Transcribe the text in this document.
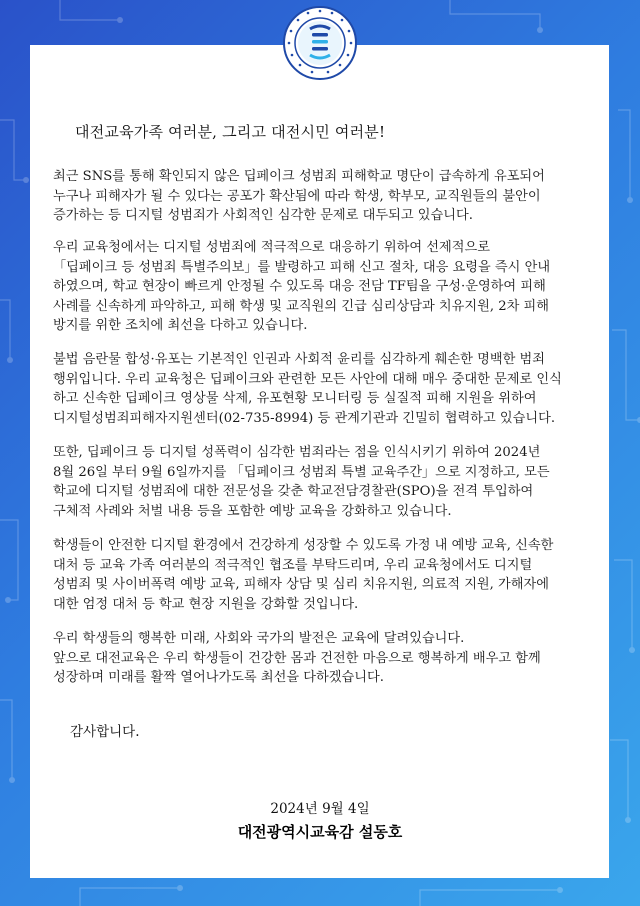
대전교육가족 여러분, 그리고 대전시민 여러분!

최근 SNS를 통해 확인되지 않은 딥페이크 성범죄 피해학교 명단이 급속하게 유포되어
누구나 피해자가 될 수 있다는 공포가 확산됨에 따라 학생, 학부모, 교직원들의 불안이
증가하는 등 디지털 성범죄가 사회적인 심각한 문제로 대두되고 있습니다.

우리 교육청에서는 디지털 성범죄에 적극적으로 대응하기 위하여 선제적으로
「딥페이크 등 성범죄 특별주의보」를 발령하고 피해 신고 절차, 대응 요령을 즉시 안내
하였으며, 학교 현장이 빠르게 안정될 수 있도록 대응 전담 TF팀을 구성·운영하여 피해
사례를 신속하게 파악하고, 피해 학생 및 교직원의 긴급 심리상담과 치유지원, 2차 피해
방지를 위한 조치에 최선을 다하고 있습니다.

불법 음란물 합성·유포는 기본적인 인권과 사회적 윤리를 심각하게 훼손한 명백한 범죄
행위입니다. 우리 교육청은 딥페이크와 관련한 모든 사안에 대해 매우 중대한 문제로 인식
하고 신속한 딥페이크 영상물 삭제, 유포현황 모니터링 등 실질적 피해 지원을 위하여
디지털성범죄피해자지원센터(02-735-8994) 등 관계기관과 긴밀히 협력하고 있습니다.

또한, 딥페이크 등 디지털 성폭력이 심각한 범죄라는 점을 인식시키기 위하여 2024년
8월 26일 부터 9월 6일까지를 「딥페이크 성범죄 특별 교육주간」으로 지정하고, 모든
학교에 디지털 성범죄에 대한 전문성을 갖춘 학교전담경찰관(SPO)을 전격 투입하여
구체적 사례와 처벌 내용 등을 포함한 예방 교육을 강화하고 있습니다.

학생들이 안전한 디지털 환경에서 건강하게 성장할 수 있도록 가정 내 예방 교육, 신속한
대처 등 교육 가족 여러분의 적극적인 협조를 부탁드리며, 우리 교육청에서도 디지털
성범죄 및 사이버폭력 예방 교육, 피해자 상담 및 심리 치유지원, 의료적 지원, 가해자에
대한 엄정 대처 등 학교 현장 지원을 강화할 것입니다.

우리 학생들의 행복한 미래, 사회와 국가의 발전은 교육에 달려있습니다.
앞으로 대전교육은 우리 학생들이 건강한 몸과 건전한 마음으로 행복하게 배우고 함께
성장하며 미래를 활짝 열어나가도록 최선을 다하겠습니다.

감사합니다.

2024년 9월 4일

대전광역시교육감 설동호
